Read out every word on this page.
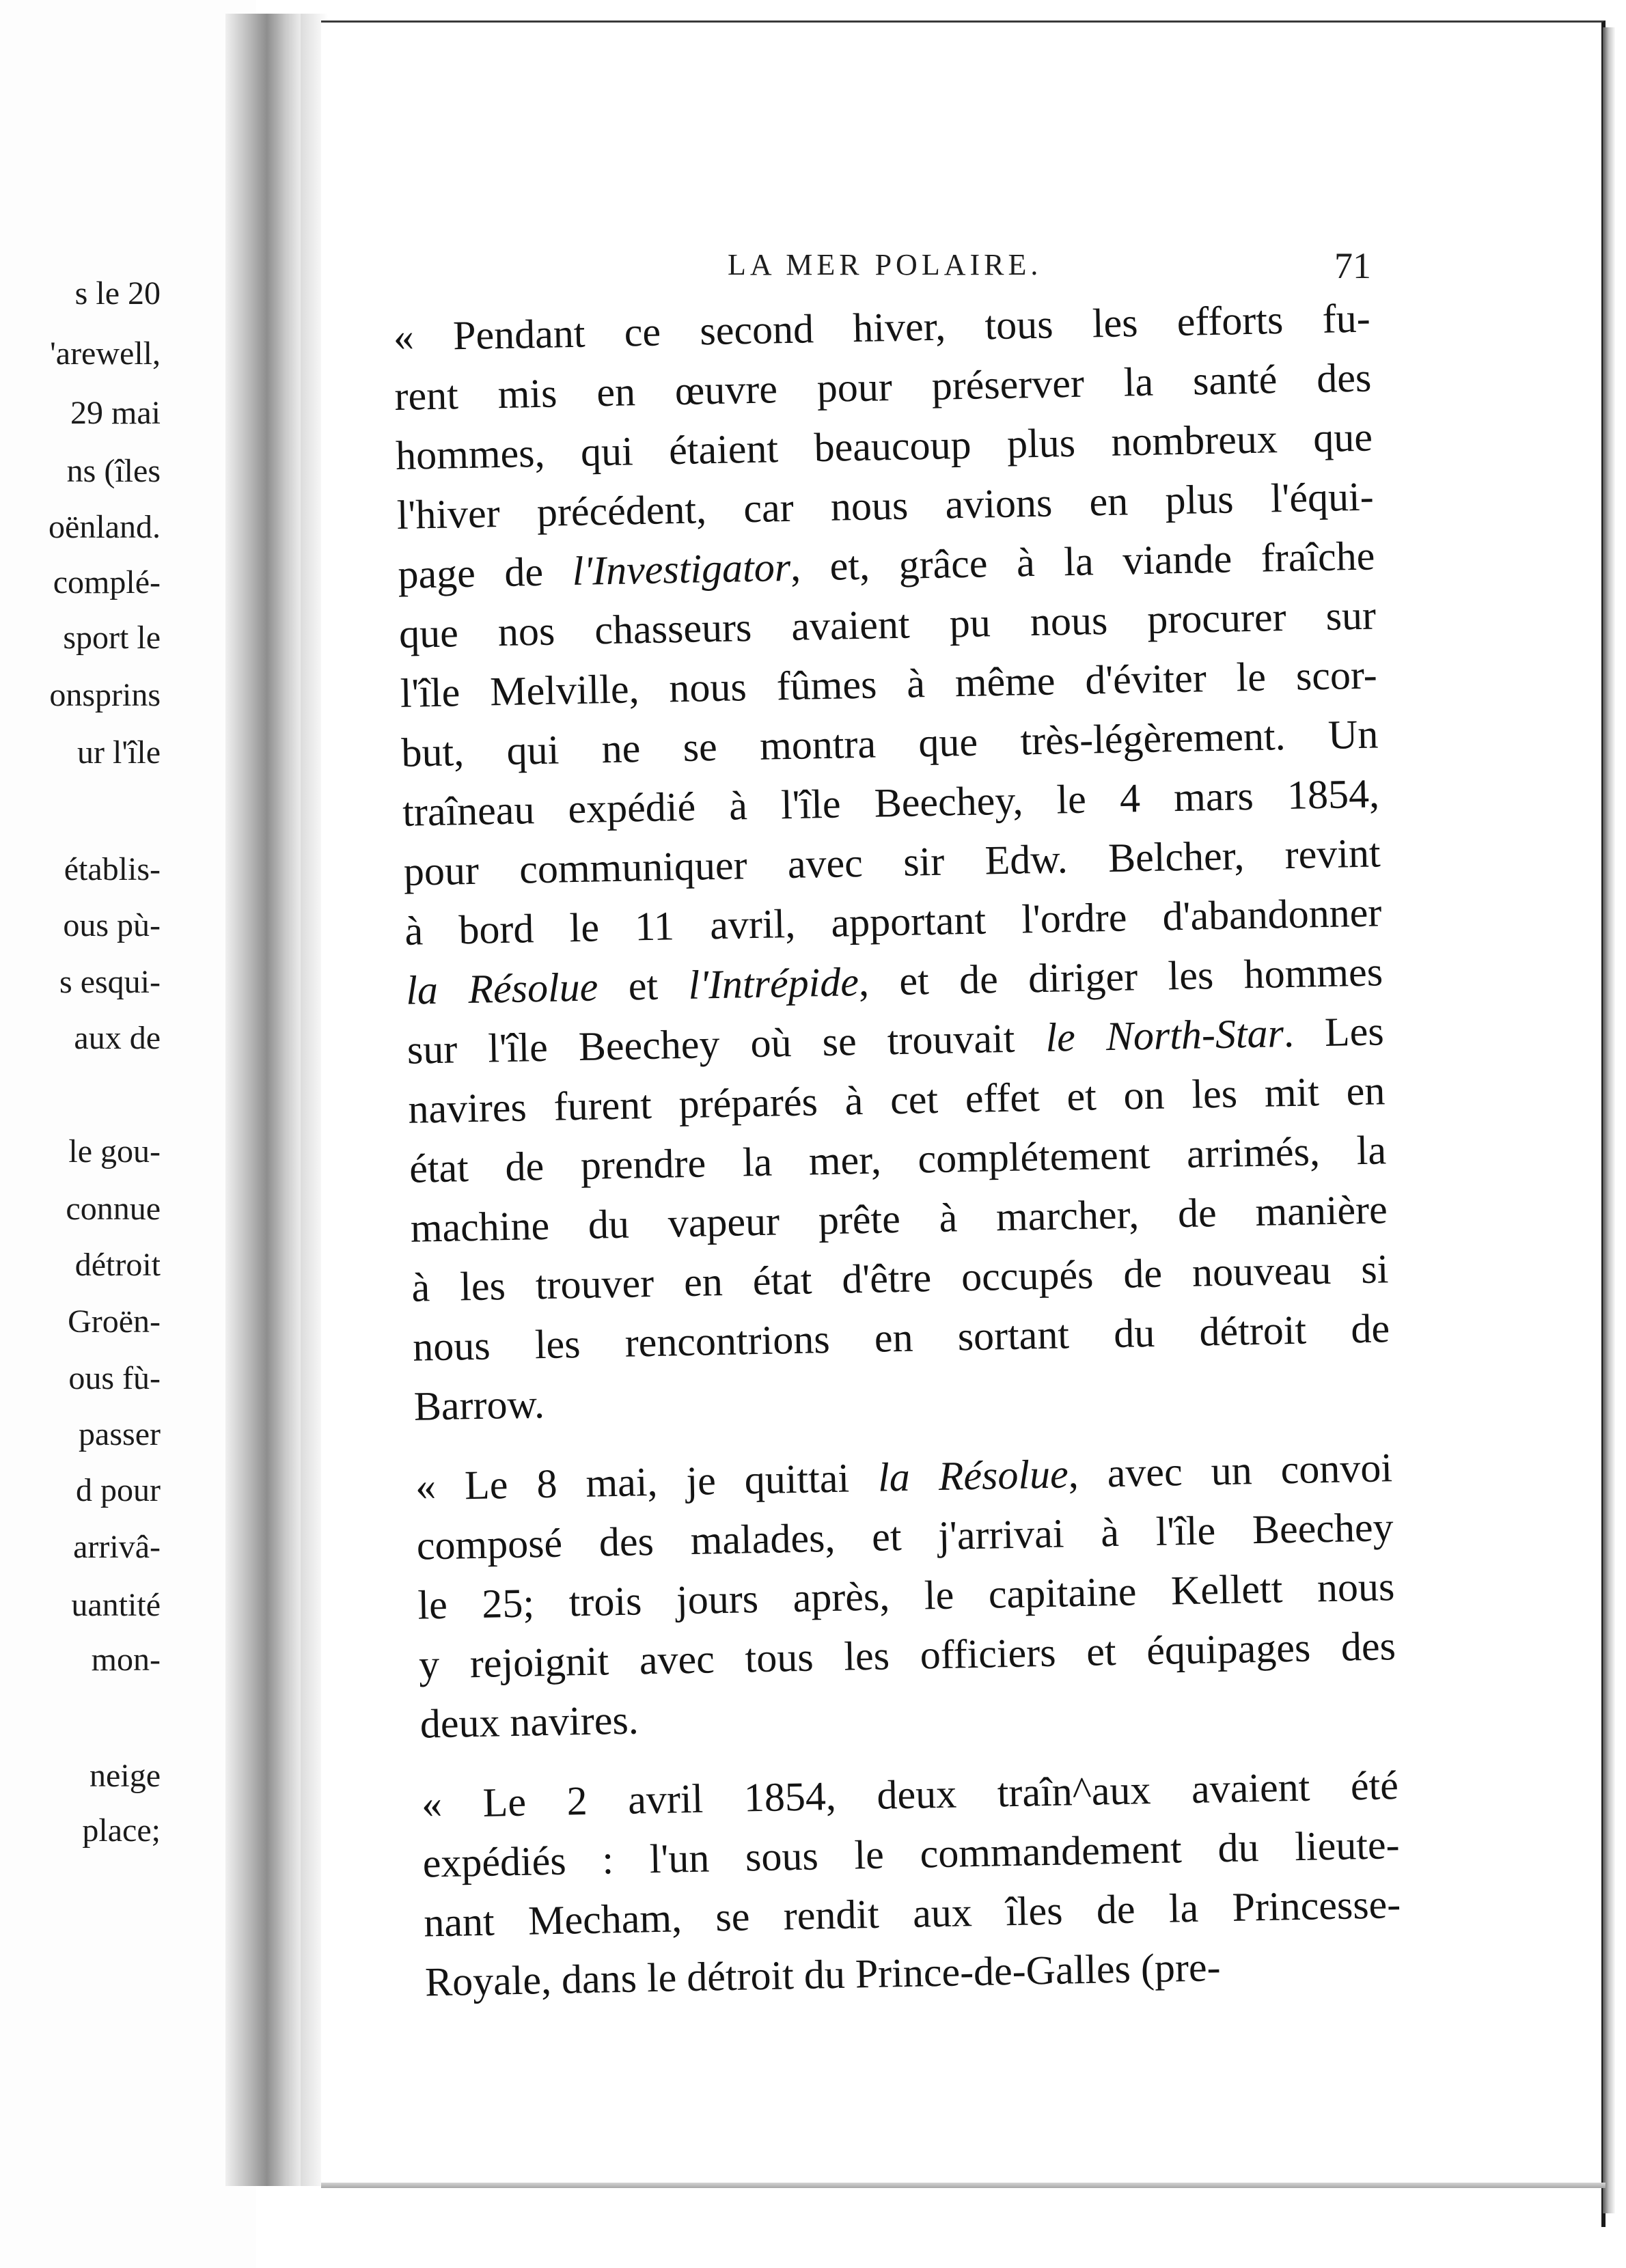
s le 20
'arewell,
29 mai
ns (îles
oënland.
complé-
sport le
onsprins
ur l'île
établis-
ous pù-
s esqui-
aux de
le gou-
connue
détroit
Groën-
ous fù-
passer
d pour
arrivâ-
uantité
mon-
neige
place;
LA MER POLAIRE.	71
« Pendant ce second hiver, tous les efforts fu-
rent mis en œuvre pour préserver la santé des
hommes, qui étaient beaucoup plus nombreux que
l'hiver précédent, car nous avions en plus l'équi-
page de l'Investigator, et, grâce à la viande fraîche
que nos chasseurs avaient pu nous procurer sur
l'île Melville, nous fûmes à même d'éviter le scor-
but, qui ne se montra que très-légèrement. Un
traîneau expédié à l'île Beechey, le 4 mars 1854,
pour communiquer avec sir Edw. Belcher, revint
à bord le 11 avril, apportant l'ordre d'abandonner
la Résolue et l'Intrépide, et de diriger les hommes
sur l'île Beechey où se trouvait le North-Star. Les
navires furent préparés à cet effet et on les mit en
état de prendre la mer, complétement arrimés, la
machine du vapeur prête à marcher, de manière
à les trouver en état d'être occupés de nouveau si
nous les rencontrions en sortant du détroit de
Barrow.
« Le 8 mai, je quittai la Résolue, avec un convoi
composé des malades, et j'arrivai à l'île Beechey
le 25; trois jours après, le capitaine Kellett nous
y rejoignit avec tous les officiers et équipages des
deux navires.
« Le 2 avril 1854, deux traîn^aux avaient été
expédiés : l'un sous le commandement du lieute-
nant Mecham, se rendit aux îles de la Princesse-
Royale, dans le détroit du Prince-de-Galles (pre-
